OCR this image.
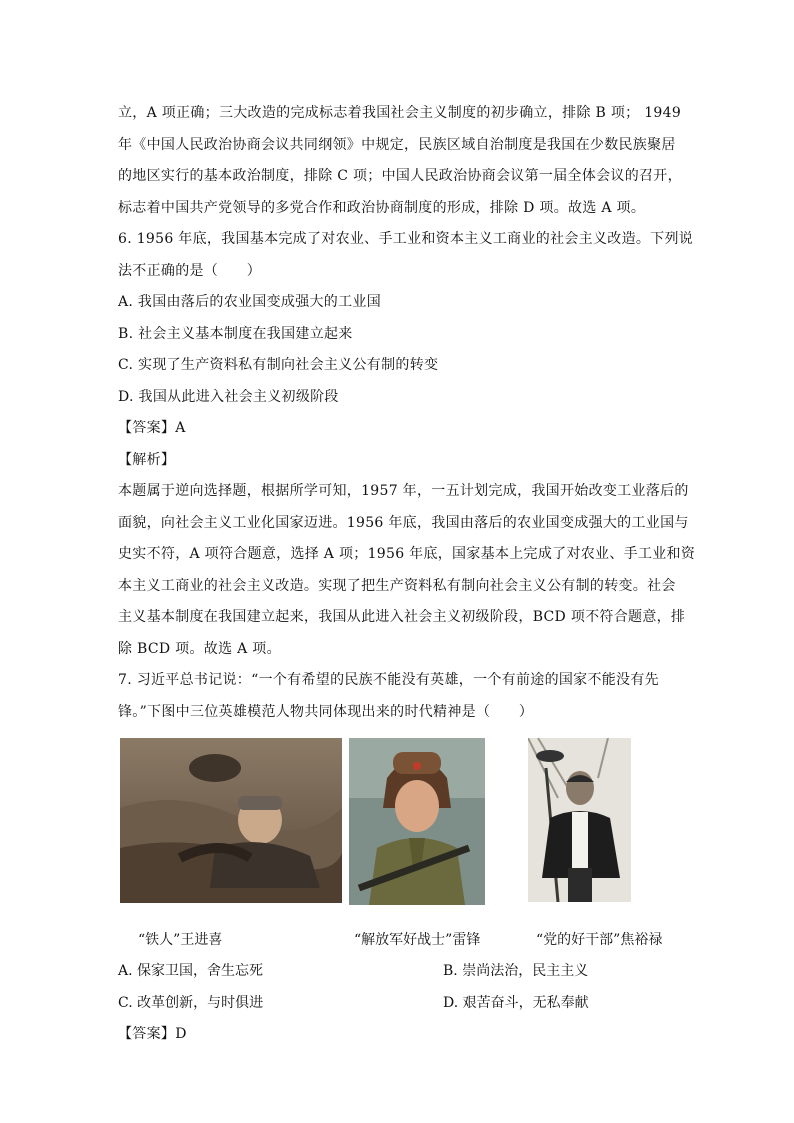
立，A 项正确；三大改造的完成标志着我国社会主义制度的初步确立，排除 B 项； 1949
年《中国人民政治协商会议共同纲领》中规定，民族区域自治制度是我国在少数民族聚居
的地区实行的基本政治制度，排除 C 项；中国人民政治协商会议第一届全体会议的召开，
标志着中国共产党领导的多党合作和政治协商制度的形成，排除 D 项。故选 A 项。
6. 1956 年底，我国基本完成了对农业、手工业和资本主义工商业的社会主义改造。下列说
法不正确的是（　　）
A. 我国由落后的农业国变成强大的工业国
B. 社会主义基本制度在我国建立起来
C. 实现了生产资料私有制向社会主义公有制的转变
D. 我国从此进入社会主义初级阶段
【答案】A
【解析】
本题属于逆向选择题，根据所学可知，1957 年，一五计划完成，我国开始改变工业落后的
面貌，向社会主义工业化国家迈进。1956 年底，我国由落后的农业国变成强大的工业国与
史实不符，A 项符合题意，选择 A 项；1956 年底，国家基本上完成了对农业、手工业和资
本主义工商业的社会主义改造。实现了把生产资料私有制向社会主义公有制的转变。社会
主义基本制度在我国建立起来，我国从此进入社会主义初级阶段，BCD 项不符合题意，排
除 BCD 项。故选 A 项。
7. 习近平总书记说：“一个有希望的民族不能没有英雄，一个有前途的国家不能没有先
锋。”下图中三位英雄模范人物共同体现出来的时代精神是（　　）
“铁人”王进喜	“解放军好战士”雷锋	“党的好干部”焦裕禄
A. 保家卫国，舍生忘死	B. 崇尚法治，民主主义
C. 改革创新，与时俱进	D. 艰苦奋斗，无私奉献
【答案】D
